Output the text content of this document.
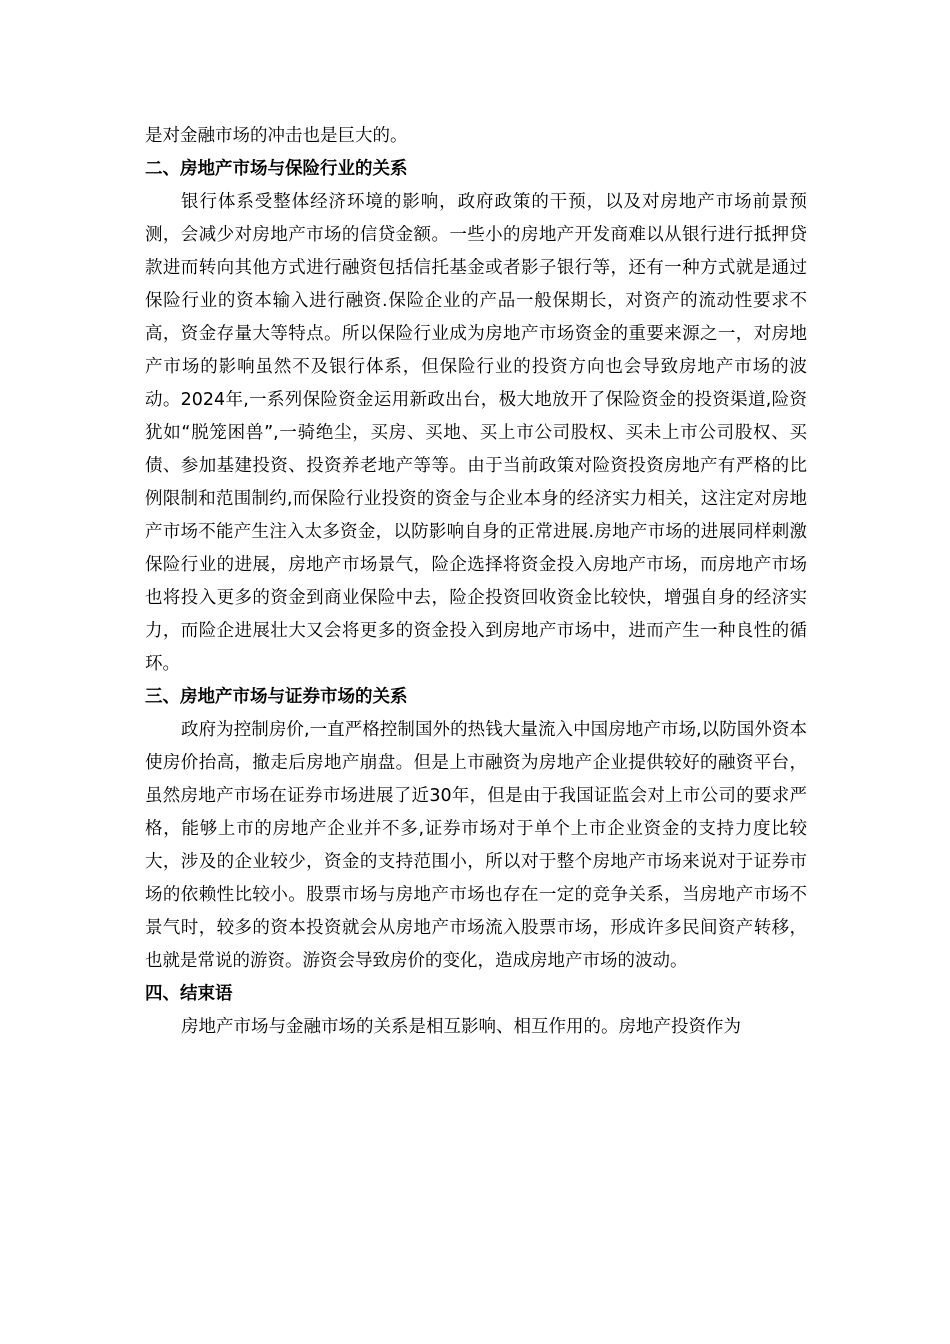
是对金融市场的冲击也是巨大的。

二、房地产市场与保险行业的关系

银行体系受整体经济环境的影响，政府政策的干预，以及对房地产市场前景预测，会减少对房地产市场的信贷金额。一些小的房地产开发商难以从银行进行抵押贷款进而转向其他方式进行融资包括信托基金或者影子银行等，还有一种方式就是通过保险行业的资本输入进行融资.保险企业的产品一般保期长，对资产的流动性要求不高，资金存量大等特点。所以保险行业成为房地产市场资金的重要来源之一，对房地产市场的影响虽然不及银行体系，但保险行业的投资方向也会导致房地产市场的波动。2024年,一系列保险资金运用新政出台，极大地放开了保险资金的投资渠道,险资犹如“脱笼困兽”,一骑绝尘，买房、买地、买上市公司股权、买未上市公司股权、买债、参加基建投资、投资养老地产等等。由于当前政策对险资投资房地产有严格的比例限制和范围制约,而保险行业投资的资金与企业本身的经济实力相关，这注定对房地产市场不能产生注入太多资金，以防影响自身的正常进展.房地产市场的进展同样刺激保险行业的进展，房地产市场景气，险企选择将资金投入房地产市场，而房地产市场也将投入更多的资金到商业保险中去，险企投资回收资金比较快，增强自身的经济实力，而险企进展壮大又会将更多的资金投入到房地产市场中，进而产生一种良性的循环。

三、房地产市场与证券市场的关系

政府为控制房价,一直严格控制国外的热钱大量流入中国房地产市场,以防国外资本使房价抬高，撤走后房地产崩盘。但是上市融资为房地产企业提供较好的融资平台，虽然房地产市场在证券市场进展了近30年，但是由于我国证监会对上市公司的要求严格，能够上市的房地产企业并不多,证券市场对于单个上市企业资金的支持力度比较大，涉及的企业较少，资金的支持范围小，所以对于整个房地产市场来说对于证券市场的依赖性比较小。股票市场与房地产市场也存在一定的竞争关系，当房地产市场不景气时，较多的资本投资就会从房地产市场流入股票市场，形成许多民间资产转移，也就是常说的游资。游资会导致房价的变化，造成房地产市场的波动。

四、结束语

房地产市场与金融市场的关系是相互影响、相互作用的。房地产投资作为
